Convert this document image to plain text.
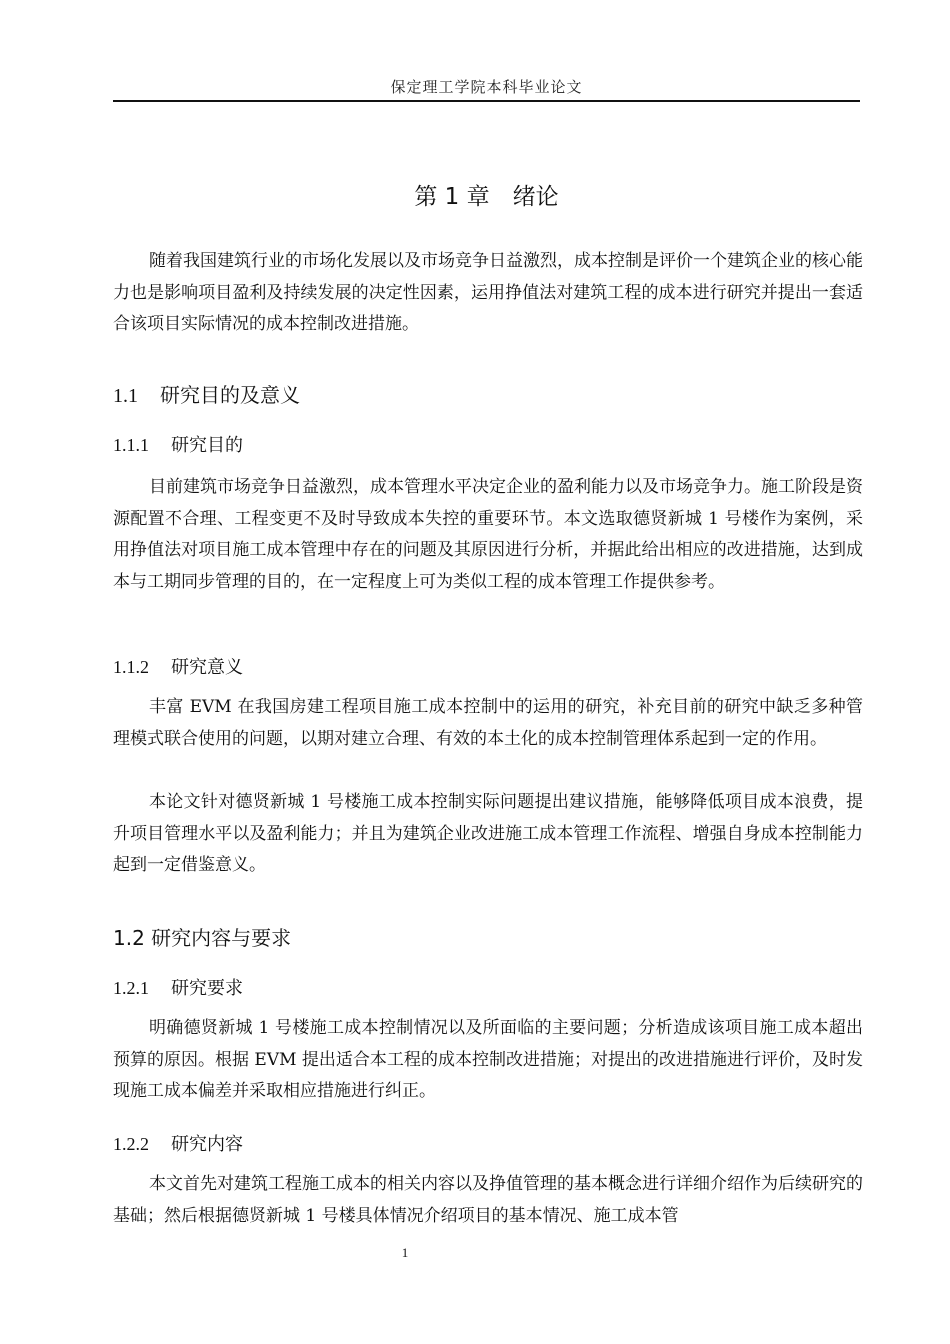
保定理工学院本科毕业论文
第 1 章　绪论

随着我国建筑行业的市场化发展以及市场竞争日益激烈，成本控制是评价一个建筑企业的核心能力也是影响项目盈利及持续发展的决定性因素，运用挣值法对建筑工程的成本进行研究并提出一套适合该项目实际情况的成本控制改进措施。

1.1 研究目的及意义
1.1.1 研究目的

目前建筑市场竞争日益激烈，成本管理水平决定企业的盈利能力以及市场竞争力。施工阶段是资源配置不合理、工程变更不及时导致成本失控的重要环节。本文选取德贤新城 1 号楼作为案例，采用挣值法对项目施工成本管理中存在的问题及其原因进行分析，并据此给出相应的改进措施，达到成本与工期同步管理的目的，在一定程度上可为类似工程的成本管理工作提供参考。

1.1.2 研究意义

丰富 EVM 在我国房建工程项目施工成本控制中的运用的研究，补充目前的研究中缺乏多种管理模式联合使用的问题，以期对建立合理、有效的本土化的成本控制管理体系起到一定的作用。

本论文针对德贤新城 1 号楼施工成本控制实际问题提出建议措施，能够降低项目成本浪费，提升项目管理水平以及盈利能力；并且为建筑企业改进施工成本管理工作流程、增强自身成本控制能力起到一定借鉴意义。

1.2 研究内容与要求
1.2.1 研究要求

明确德贤新城 1 号楼施工成本控制情况以及所面临的主要问题；分析造成该项目施工成本超出预算的原因。根据 EVM 提出适合本工程的成本控制改进措施；对提出的改进措施进行评价，及时发现施工成本偏差并采取相应措施进行纠正。

1.2.2 研究内容

本文首先对建筑工程施工成本的相关内容以及挣值管理的基本概念进行详细介绍作为后续研究的基础；然后根据德贤新城 1 号楼具体情况介绍项目的基本情况、施工成本管

1
